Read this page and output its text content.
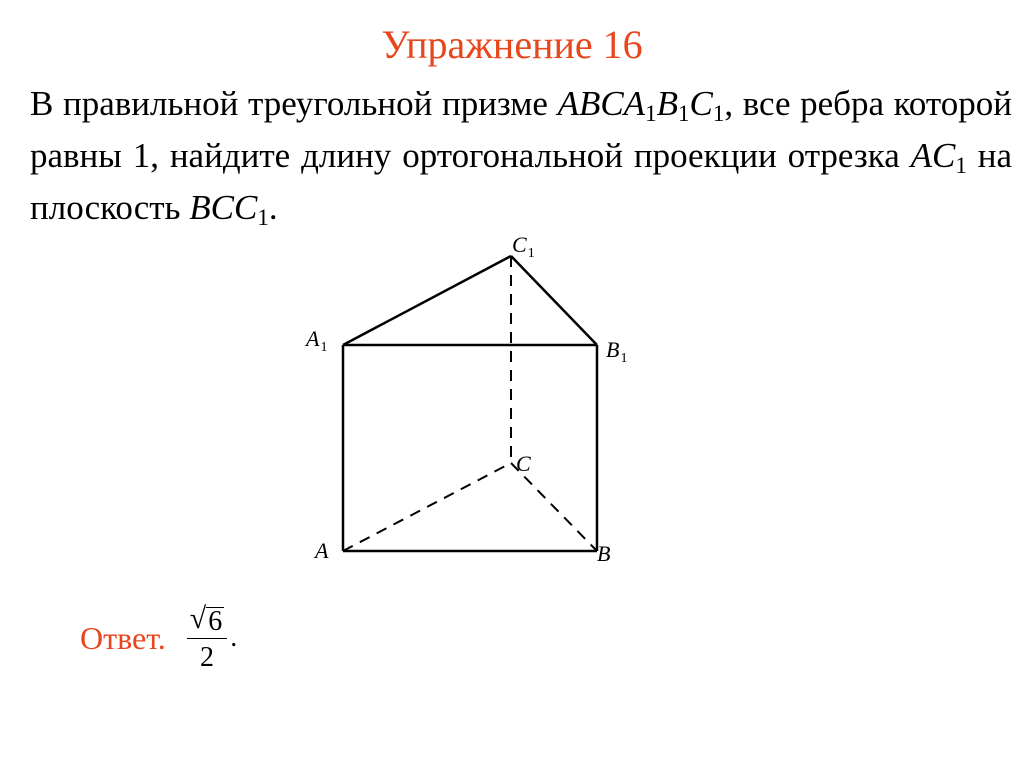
Упражнение 16

В правильной треугольной призме $ABCA_1B_1C_1$, все ребра которой равны 1, найдите длину ортогональной проекции отрезка $AC_1$ на плоскость $BCC_1$.

$C_1$
$A_1$	$B_1$
C
A	B
Ответ. $\frac{√ 6}{2}$ .
